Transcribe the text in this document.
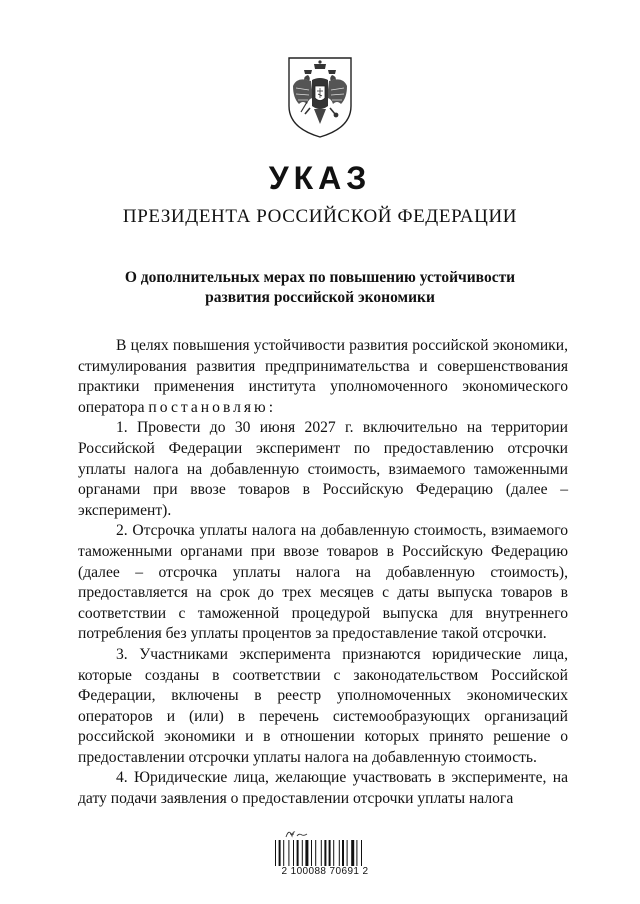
УКАЗ
ПРЕЗИДЕНТА РОССИЙСКОЙ ФЕДЕРАЦИИ
О дополнительных мерах по повышению устойчивости
развития российской экономики

В целях повышения устойчивости развития российской экономики, стимулирования развития предпринимательства и совершенствования практики применения института уполномоченного экономического оператора постановляю:

1. Провести до 30 июня 2027 г. включительно на территории Российской Федерации эксперимент по предоставлению отсрочки уплаты налога на добавленную стоимость, взимаемого таможенными органами при ввозе товаров в Российскую Федерацию (далее – эксперимент).

2. Отсрочка уплаты налога на добавленную стоимость, взимаемого таможенными органами при ввозе товаров в Российскую Федерацию (далее – отсрочка уплаты налога на добавленную стоимость), предоставляется на срок до трех месяцев с даты выпуска товаров в соответствии с таможенной процедурой выпуска для внутреннего потребления без уплаты процентов за предоставление такой отсрочки.

3. Участниками эксперимента признаются юридические лица, которые созданы в соответствии с законодательством Российской Федерации, включены в реестр уполномоченных экономических операторов и (или) в перечень системообразующих организаций российской экономики и в отношении которых принято решение о предоставлении отсрочки уплаты налога на добавленную стоимость.

4. Юридические лица, желающие участвовать в эксперименте, на дату подачи заявления о предоставлении отсрочки уплаты налога

2 100088 70691 2
